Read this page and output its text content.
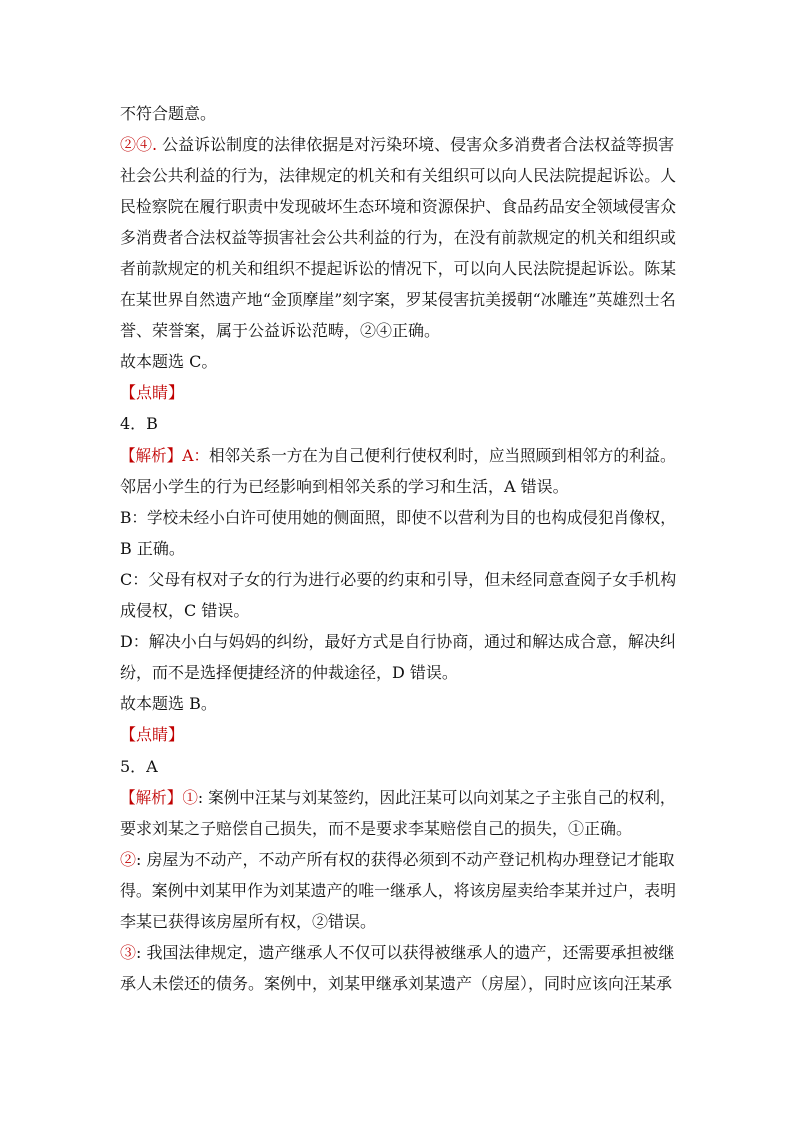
不符合题意。
②④. 公益诉讼制度的法律依据是对污染环境、侵害众多消费者合法权益等损害
社会公共利益的行为，法律规定的机关和有关组织可以向人民法院提起诉讼。人
民检察院在履行职责中发现破坏生态环境和资源保护、食品药品安全领域侵害众
多消费者合法权益等损害社会公共利益的行为，在没有前款规定的机关和组织或
者前款规定的机关和组织不提起诉讼的情况下，可以向人民法院提起诉讼。陈某
在某世界自然遗产地“金顶摩崖”刻字案，罗某侵害抗美援朝“冰雕连”英雄烈士名
誉、荣誉案，属于公益诉讼范畴，②④正确。
故本题选 C。
【点睛】
4．B
【解析】A：相邻关系一方在为自己便利行使权利时，应当照顾到相邻方的利益。
邻居小学生的行为已经影响到相邻关系的学习和生活，A 错误。
B：学校未经小白许可使用她的侧面照，即使不以营利为目的也构成侵犯肖像权，
B 正确。
C：父母有权对子女的行为进行必要的约束和引导，但未经同意查阅子女手机构
成侵权，C 错误。
D：解决小白与妈妈的纠纷，最好方式是自行协商，通过和解达成合意，解决纠
纷，而不是选择便捷经济的仲裁途径，D 错误。
故本题选 B。
【点睛】
5．A
【解析】①: 案例中汪某与刘某签约，因此汪某可以向刘某之子主张自己的权利，
要求刘某之子赔偿自己损失，而不是要求李某赔偿自己的损失，①正确。
②: 房屋为不动产，不动产所有权的获得必须到不动产登记机构办理登记才能取
得。案例中刘某甲作为刘某遗产的唯一继承人，将该房屋卖给李某并过户，表明
李某已获得该房屋所有权，②错误。
③: 我国法律规定，遗产继承人不仅可以获得被继承人的遗产，还需要承担被继
承人未偿还的债务。案例中，刘某甲继承刘某遗产（房屋），同时应该向汪某承
